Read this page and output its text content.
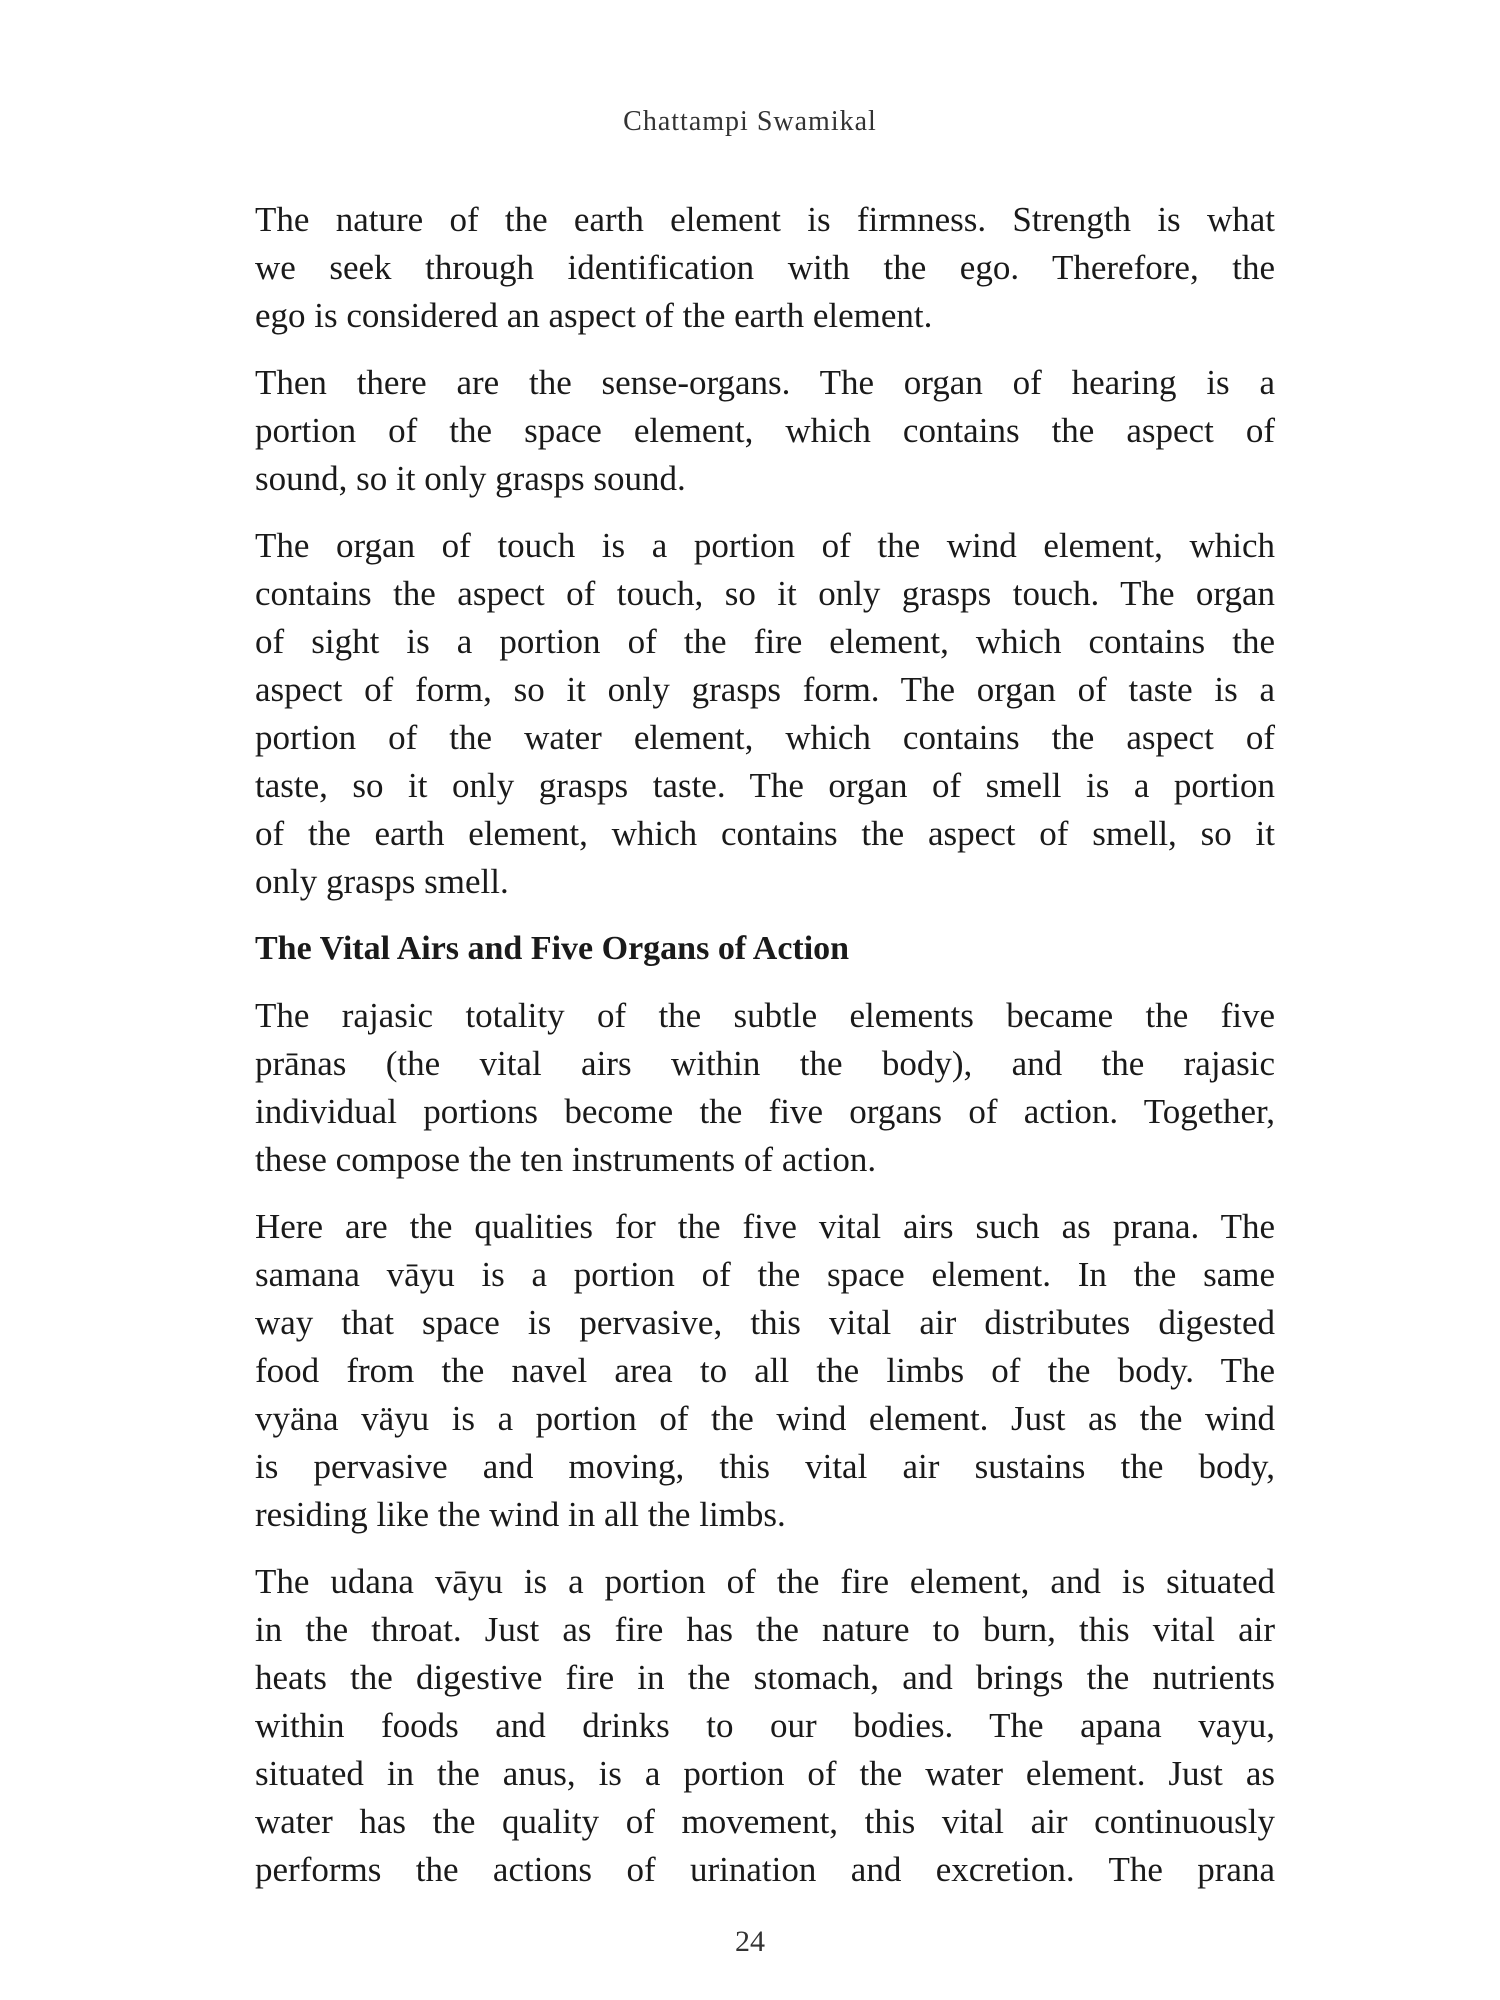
Chattampi Swamikal
The nature of the earth element is firmness. Strength is what
we seek through identification with the ego. Therefore, the
ego is considered an aspect of the earth element.
Then there are the sense-organs. The organ of hearing is a
portion of the space element, which contains the aspect of
sound, so it only grasps sound.
The organ of touch is a portion of the wind element, which
contains the aspect of touch, so it only grasps touch. The organ
of sight is a portion of the fire element, which contains the
aspect of form, so it only grasps form. The organ of taste is a
portion of the water element, which contains the aspect of
taste, so it only grasps taste. The organ of smell is a portion
of the earth element, which contains the aspect of smell, so it
only grasps smell.
The Vital Airs and Five Organs of Action
The rajasic totality of the subtle elements became the five
prānas (the vital airs within the body), and the rajasic
individual portions become the five organs of action. Together,
these compose the ten instruments of action.
Here are the qualities for the five vital airs such as prana. The
samana vāyu is a portion of the space element. In the same
way that space is pervasive, this vital air distributes digested
food from the navel area to all the limbs of the body. The
vyäna väyu is a portion of the wind element. Just as the wind
is pervasive and moving, this vital air sustains the body,
residing like the wind in all the limbs.
The udana vāyu is a portion of the fire element, and is situated
in the throat. Just as fire has the nature to burn, this vital air
heats the digestive fire in the stomach, and brings the nutrients
within foods and drinks to our bodies. The apana vayu,
situated in the anus, is a portion of the water element. Just as
water has the quality of movement, this vital air continuously
performs the actions of urination and excretion. The prana
24
